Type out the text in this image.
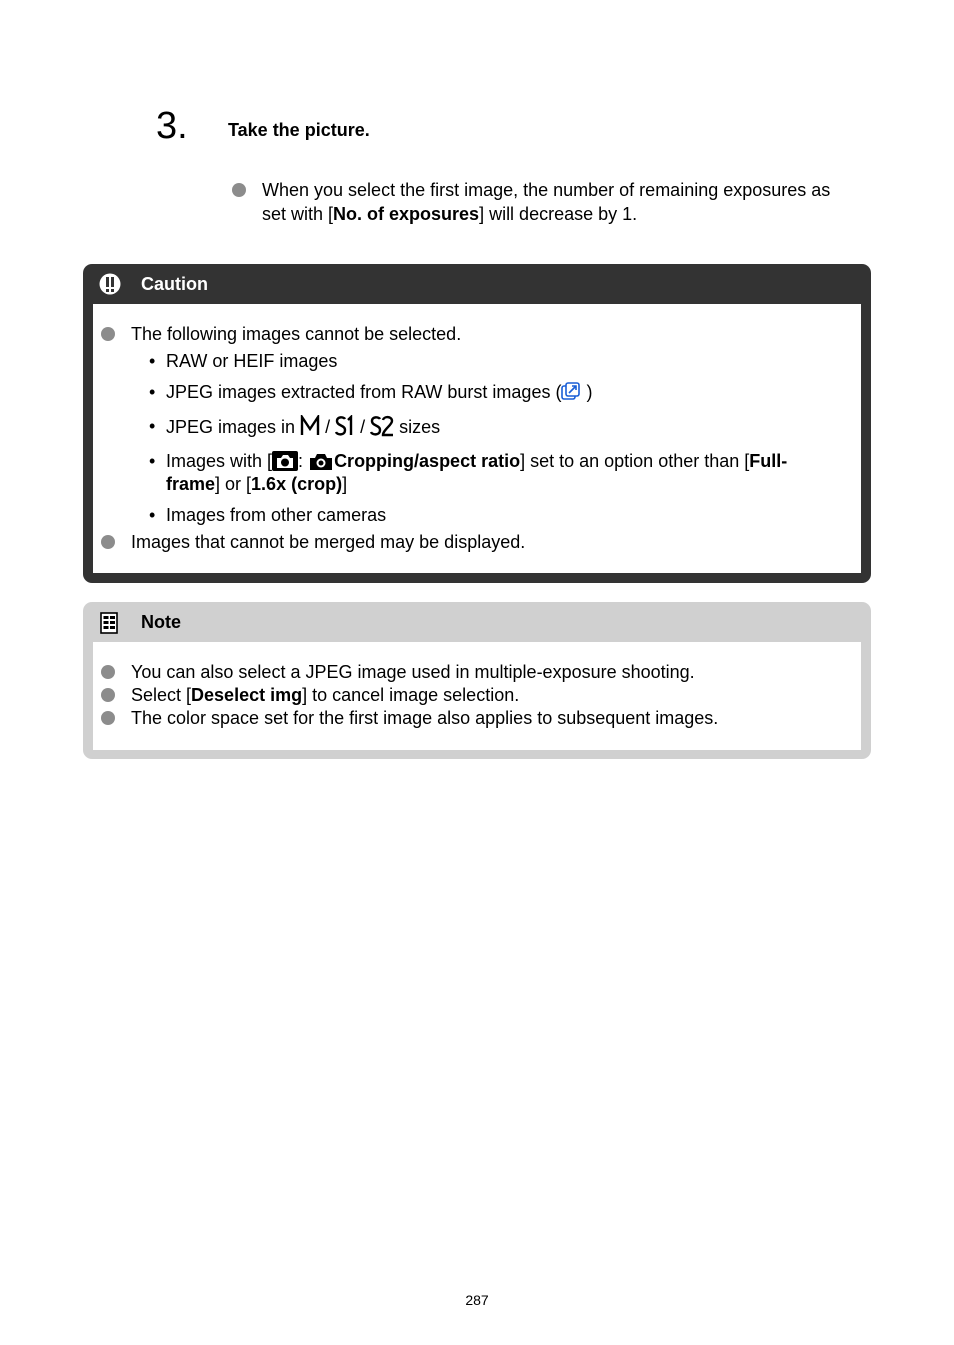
3. Take the picture.
When you select the first image, the number of remaining exposures as
set with [No. of exposures] will decrease by 1.
Caution
The following images cannot be selected.
• RAW or HEIF images
• JPEG images extracted from RAW burst images ( )
• JPEG images in  /  /  sizes
• Images with [ : Cropping/aspect ratio] set to an option other than [Full-
frame] or [1.6x (crop)]
• Images from other cameras
Images that cannot be merged may be displayed.
Note
You can also select a JPEG image used in multiple-exposure shooting.
Select [Deselect img] to cancel image selection.
The color space set for the first image also applies to subsequent images.
287
